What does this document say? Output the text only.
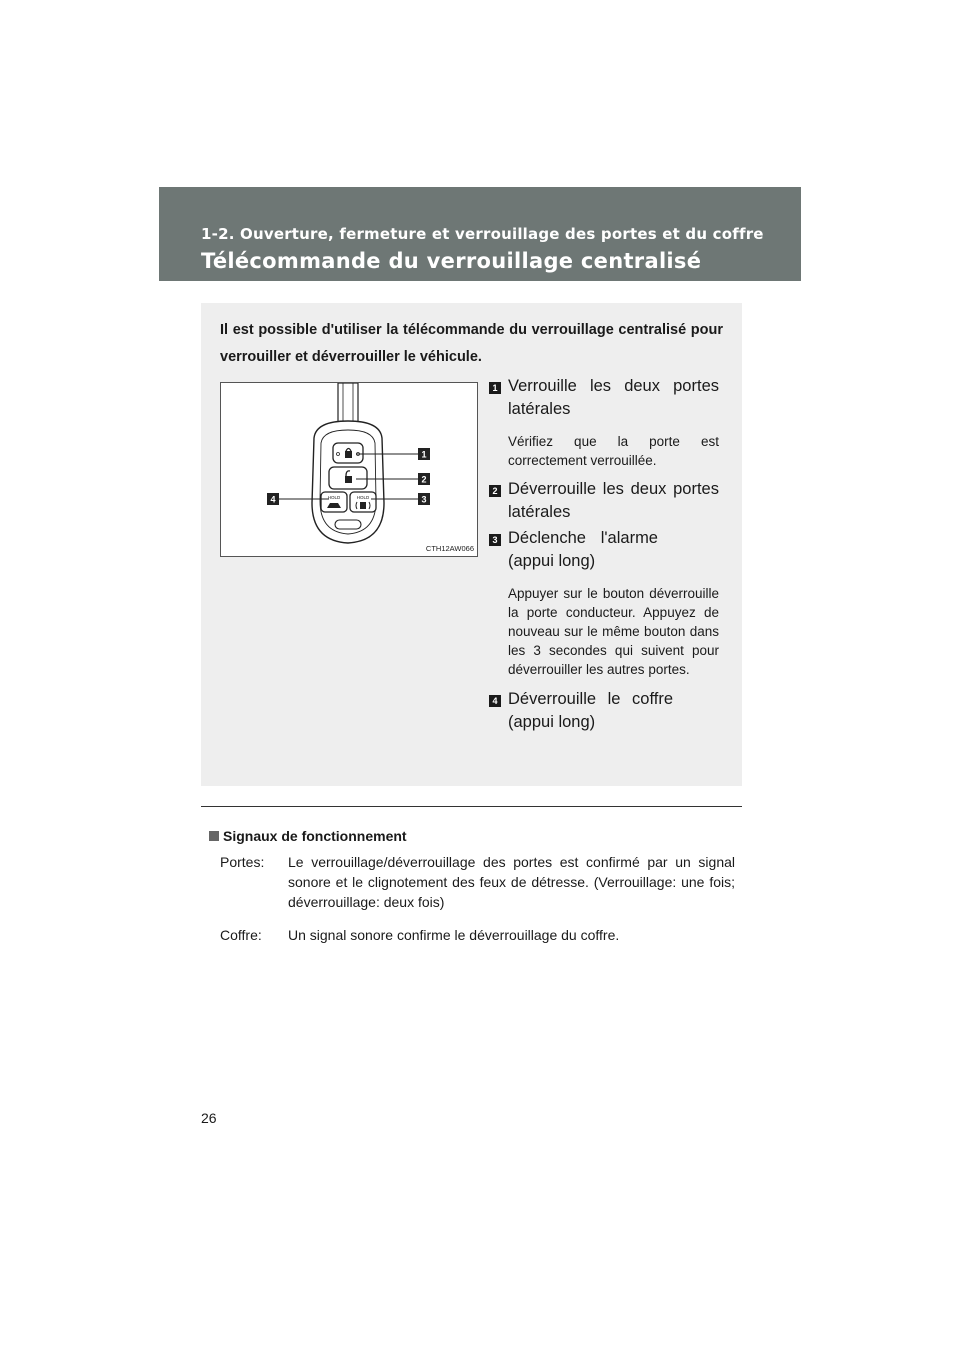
1-2. Ouverture, fermeture et verrouillage des portes et du coffre
Télécommande du verrouillage centralisé
Il est possible d'utiliser la télécommande du verrouillage centralisé pour verrouiller et déverrouiller le véhicule.
HOLD	HOLD
1
2
3
4
CTH12AW066
1 Verrouille les deux portes latérales
Vérifiez que la porte est correctement verrouillée.
2 Déverrouille les deux portes latérales
3 Déclenche l'alarme (appui long)
Appuyer sur le bouton déverrouille la porte conducteur. Appuyez de nouveau sur le même bouton dans les 3 secondes qui suivent pour déverrouiller les autres portes.
4 Déverrouille le coffre (appui long)
Signaux de fonctionnement
Portes: Le verrouillage/déverrouillage des portes est confirmé par un signal sonore et le clignotement des feux de détresse. (Verrouillage: une fois; déverrouillage: deux fois)
Coffre: Un signal sonore confirme le déverrouillage du coffre.
26
